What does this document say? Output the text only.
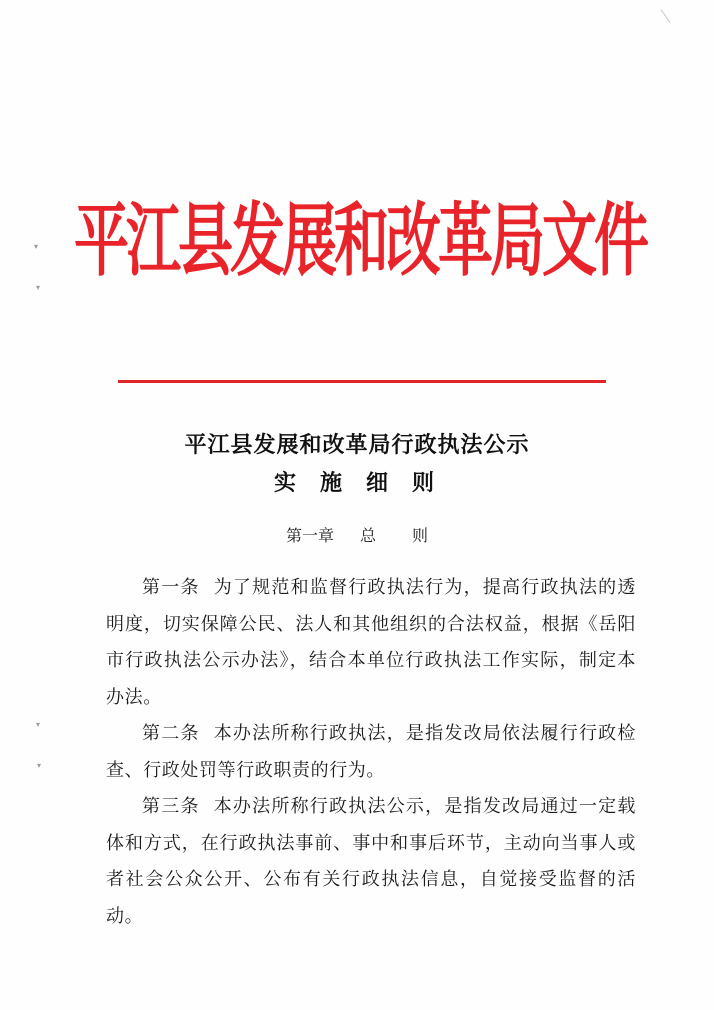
▾
▾
▾
▾
平江县发展和改革局文件
平江县发展和改革局行政执法公示
实施细则
第一章 总 则

第一条 为了规范和监督行政执法行为，提高行政执法的透明度，切实保障公民、法人和其他组织的合法权益，根据《岳阳市行政执法公示办法》，结合本单位行政执法工作实际，制定本办法。

第二条 本办法所称行政执法，是指发改局依法履行行政检查、行政处罚等行政职责的行为。

第三条 本办法所称行政执法公示，是指发改局通过一定载体和方式，在行政执法事前、事中和事后环节，主动向当事人或者社会公众公开、公布有关行政执法信息，自觉接受监督的活动。
